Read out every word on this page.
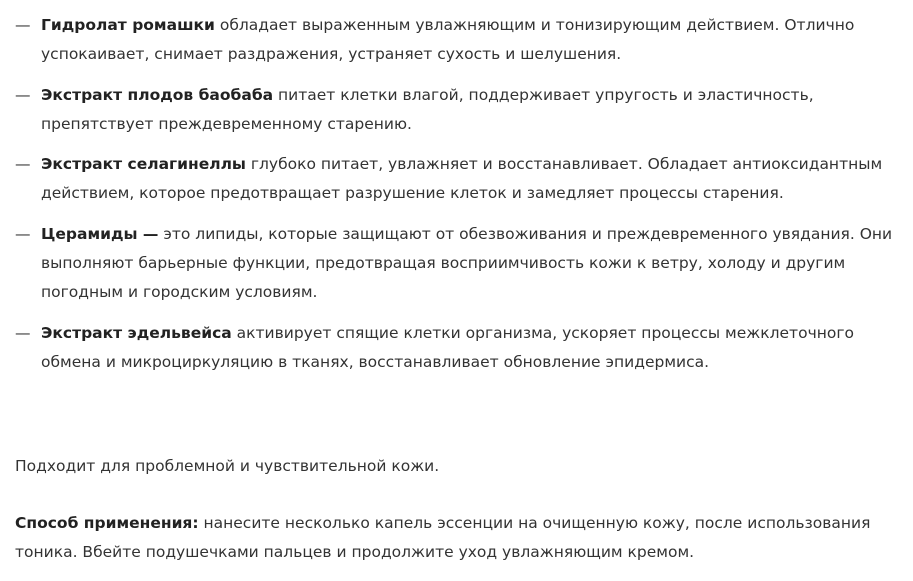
— Гидролат ромашки обладает выраженным увлажняющим и тонизирующим действием. Отлично успокаивает, снимает раздражения, устраняет сухость и шелушения.
— Экстракт плодов баобаба питает клетки влагой, поддерживает упругость и эластичность, препятствует преждевременному старению.
— Экстракт селагинеллы глубоко питает, увлажняет и восстанавливает. Обладает антиоксидантным действием, которое предотвращает разрушение клеток и замедляет процессы старения.
— Церамиды — это липиды, которые защищают от обезвоживания и преждевременного увядания. Они выполняют барьерные функции, предотвращая восприимчивость кожи к ветру, холоду и другим погодным и городским условиям.
— Экстракт эдельвейса активирует спящие клетки организма, ускоряет процессы межклеточного обмена и микроциркуляцию в тканях, восстанавливает обновление эпидермиса.

Подходит для проблемной и чувствительной кожи.

Способ применения: нанесите несколько капель эссенции на очищенную кожу, после использования тоника. Вбейте подушечками пальцев и продолжите уход увлажняющим кремом.
